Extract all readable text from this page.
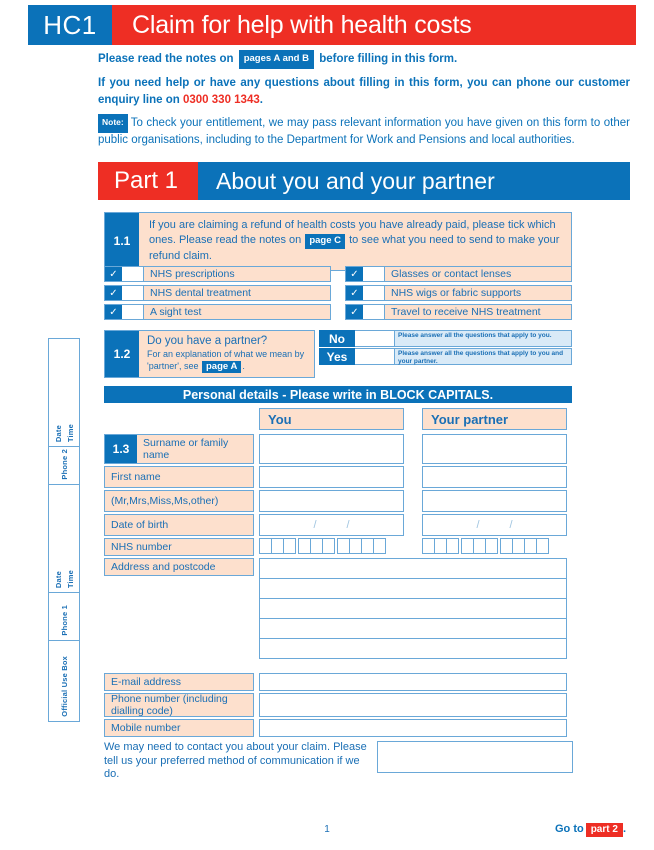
HC1	Claim for help with health costs
Please read the notes on pages A and B before filling in this form.
If you need help or have any questions about filling in this form, you can phone our customer enquiry line on 0300 330 1343.
Note: To check your entitlement, we may pass relevant information you have given on this form to other public organisations, including to the Department for Work and Pensions and local authorities.
Part 1	About you and your partner
1.1
If you are claiming a refund of health costs you have already paid, please tick which ones. Please read the notes on page C to see what you need to send to make your refund claim.
✓	NHS prescriptions	✓	Glasses or contact lenses
✓	NHS dental treatment	✓	NHS wigs or fabric supports
✓	A sight test	✓	Travel to receive NHS treatment
1.2
Do you have a partner?
For an explanation of what we mean by 'partner', see page A .
No	Please answer all the questions that apply to you.
Yes	Please answer all the questions that apply to you and your partner.
Personal details - Please write in BLOCK CAPITALS.
You	Your partner
1.3	Surname or family name
First name
(Mr,Mrs,Miss,Ms,other)
Date of birth	/	/	/	/
NHS number
Address and postcode
E-mail address
Phone number (including dialling code)
Mobile number
We may need to contact you about your claim. Please tell us your preferred method of communication if we do.
Date Time
Phone 2
Date Time
Phone 1
Official Use Box
1	Go to part 2 .
